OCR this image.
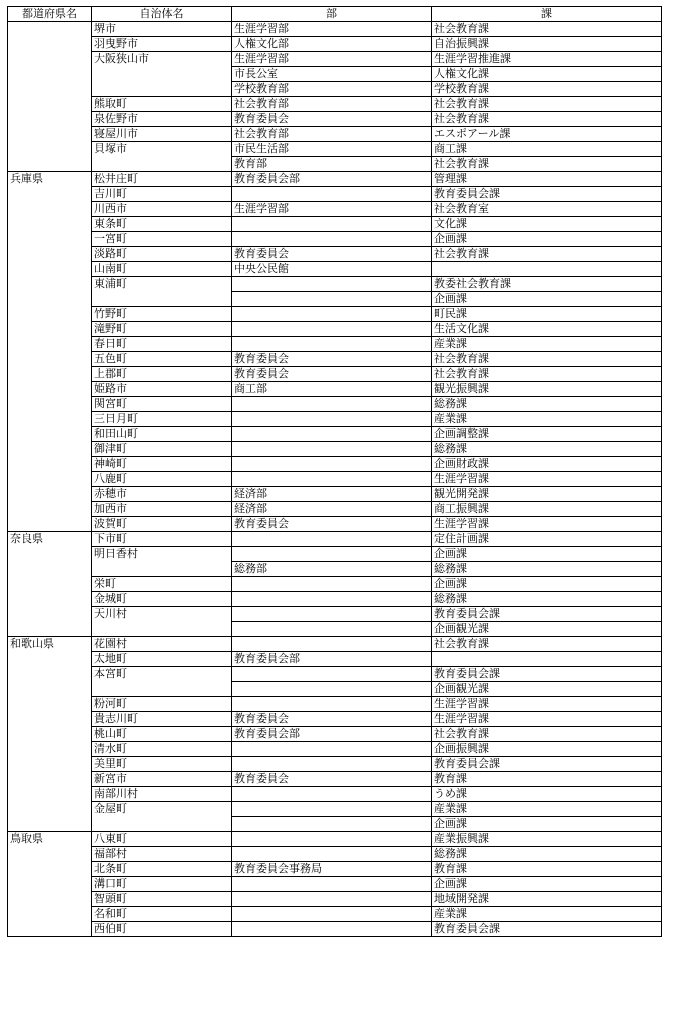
都道府県名	自治体名	部	課
	堺市	生涯学習部	社会教育課
	羽曳野市	人権文化部	自治振興課
	大阪狭山市	生涯学習部	生涯学習推進課
		市長公室	人権文化課
		学校教育部	学校教育課
	熊取町	社会教育部	社会教育課
	泉佐野市	教育委員会	社会教育課
	寝屋川市	社会教育部	エスポアール課
	貝塚市	市民生活部	商工課
		教育部	社会教育課
兵庫県	松井庄町	教育委員会部	管理課
	吉川町		教育委員会課
	川西市	生涯学習部	社会教育室
	東条町		文化課
	一宮町		企画課
	淡路町	教育委員会	社会教育課
	山南町	中央公民館	
	東浦町		教委社会教育課
			企画課
	竹野町		町民課
	滝野町		生活文化課
	春日町		産業課
	五色町	教育委員会	社会教育課
	上郡町	教育委員会	社会教育課
	姫路市	商工部	観光振興課
	関宮町		総務課
	三日月町		産業課
	和田山町		企画調整課
	御津町		総務課
	神崎町		企画財政課
	八鹿町		生涯学習課
	赤穂市	経済部	観光開発課
	加西市	経済部	商工振興課
	波賀町	教育委員会	生涯学習課
奈良県	下市町		定住計画課
	明日香村		企画課
		総務部	総務課
	栄町		企画課
	金城町		総務課
	天川村		教育委員会課
			企画観光課
和歌山県	花園村		社会教育課
	太地町	教育委員会部	
	本宮町		教育委員会課
			企画観光課
	粉河町		生涯学習課
	貴志川町	教育委員会	生涯学習課
	桃山町	教育委員会部	社会教育課
	清水町		企画振興課
	美里町		教育委員会課
	新宮市	教育委員会	教育課
	南部川村		うめ課
	金屋町		産業課
			企画課
鳥取県	八東町		産業振興課
	福部村		総務課
	北条町	教育委員会事務局	教育課
	溝口町		企画課
	智頭町		地域開発課
	名和町		産業課
	西伯町		教育委員会課
